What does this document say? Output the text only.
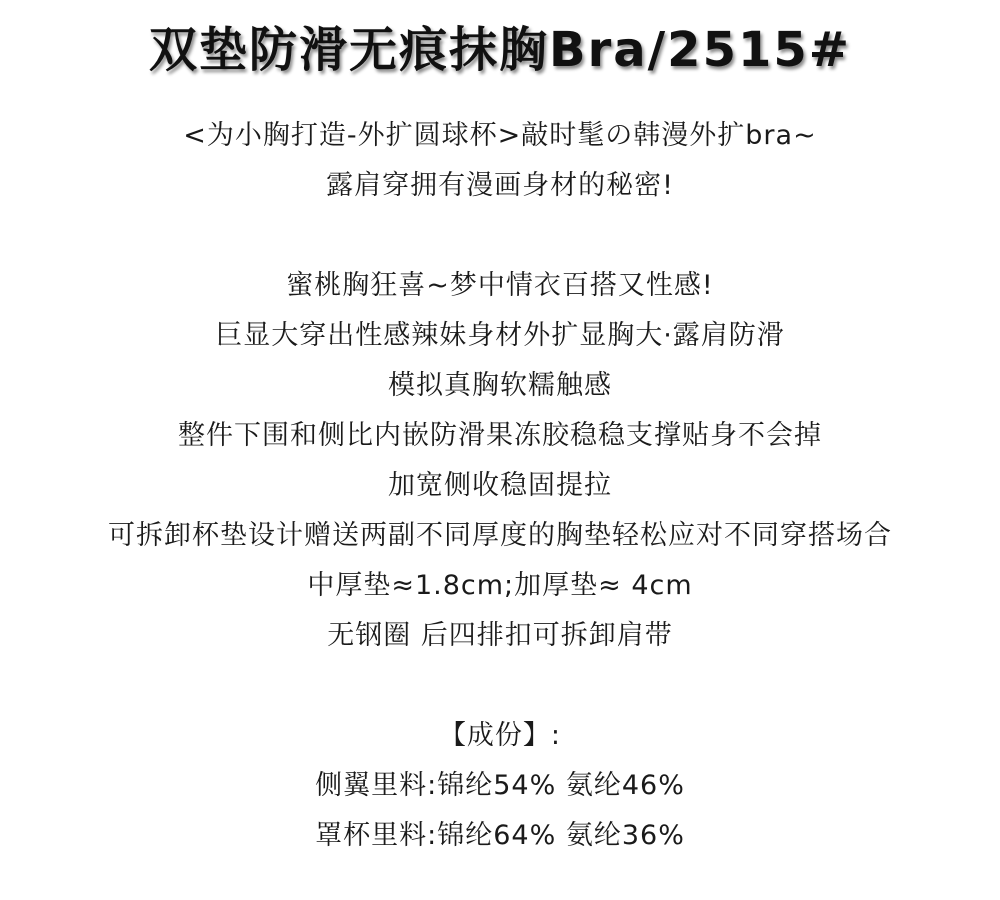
双垫防滑无痕抹胸Bra/2515#
<为小胸打造-外扩圆球杯>敲时髦の韩漫外扩bra~
露肩穿拥有漫画身材的秘密!
蜜桃胸狂喜~梦中情衣百搭又性感!
巨显大穿出性感辣妹身材外扩显胸大·露肩防滑
模拟真胸软糯触感
整件下围和侧比内嵌防滑果冻胶稳稳支撑贴身不会掉
加宽侧收稳固提拉
可拆卸杯垫设计赠送两副不同厚度的胸垫轻松应对不同穿搭场合
中厚垫≈1.8cm;加厚垫≈ 4cm
无钢圈 后四排扣可拆卸肩带
【成份】:
侧翼里料:锦纶54% 氨纶46%
罩杯里料:锦纶64% 氨纶36%
